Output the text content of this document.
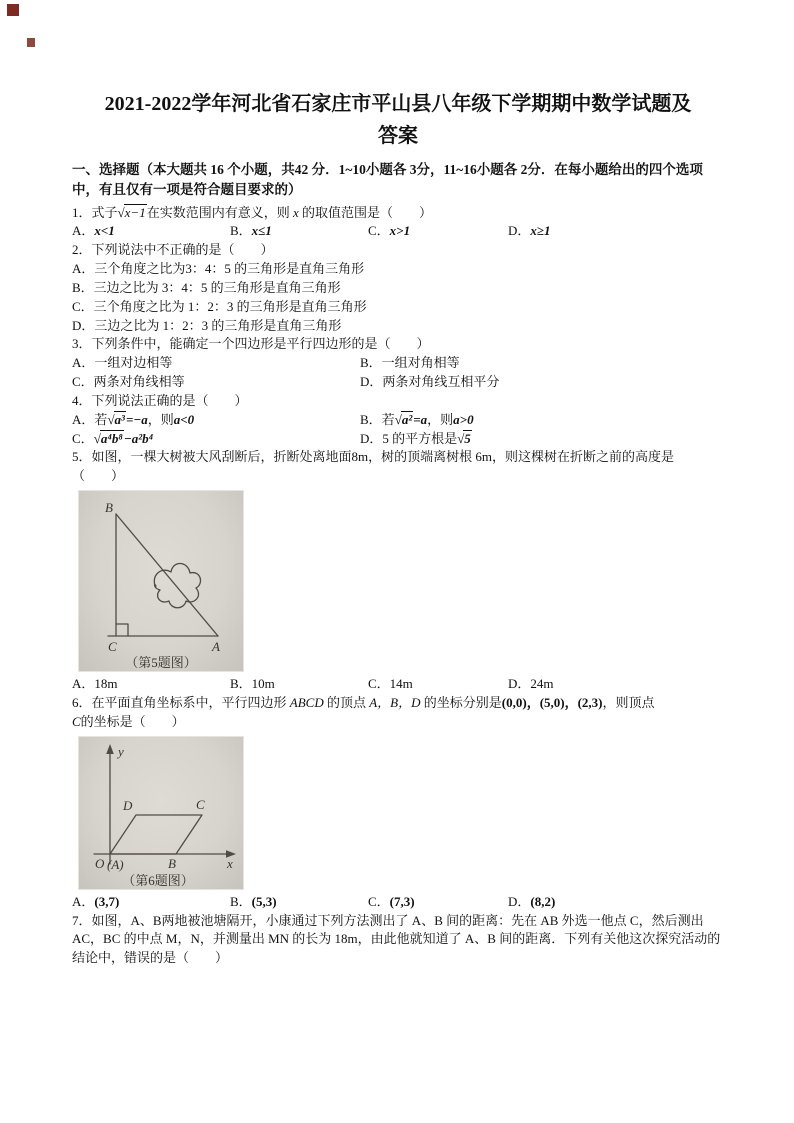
2021-2022学年河北省石家庄市平山县八年级下学期期中数学试题及
答案
一、选择题（本大题共 16 个小题，共42 分．1~10小题各 3分，11~16小题各 2分．在每小题给出的四个选项中，有且仅有一项是符合题目要求的）
1．式子√x−1在实数范围内有意义，则 x 的取值范围是（　　）
A．x<1	B．x≤1	C．x>1	D．x≥1
2．下列说法中不正确的是（　　）
A．三个角度之比为3：4：5 的三角形是直角三角形
B．三边之比为 3：4：5 的三角形是直角三角形
C．三个角度之比为 1：2：3 的三角形是直角三角形
D．三边之比为 1：2：3 的三角形是直角三角形
3．下列条件中，能确定一个四边形是平行四边形的是（　　）
A．一组对边相等	B．一组对角相等
C．两条对角线相等	D．两条对角线互相平分
4．下列说法正确的是（　　）
A．若√a³=−a，则a<0	B．若√a²=a，则a>0
C．√a⁴b⁸−a²b⁴	D．5 的平方根是√5
5．如图，一棵大树被大风刮断后，折断处离地面8m，树的顶端离树根 6m，则这棵树在折断之前的高度是
（　　）
B
C	A
（第5题图）
A．18m	B．10m	C．14m	D．24m
6．在平面直角坐标系中，平行四边形 ABCD 的顶点 A，B，D 的坐标分别是(0,0)，(5,0)，(2,3)，则顶点
C的坐标是（　　）
y
x
O (A)	B
D	C
（第6题图）
A．(3,7)	B．(5,3)	C．(7,3)	D．(8,2)
7．如图，A、B两地被池塘隔开，小康通过下列方法测出了 A、B 间的距离：先在 AB 外选一他点 C，然后测出 AC，BC 的中点 M，N，并测量出 MN 的长为 18m，由此他就知道了 A、B 间的距离．下列有关他这次探究活动的结论中，错误的是（　　）
